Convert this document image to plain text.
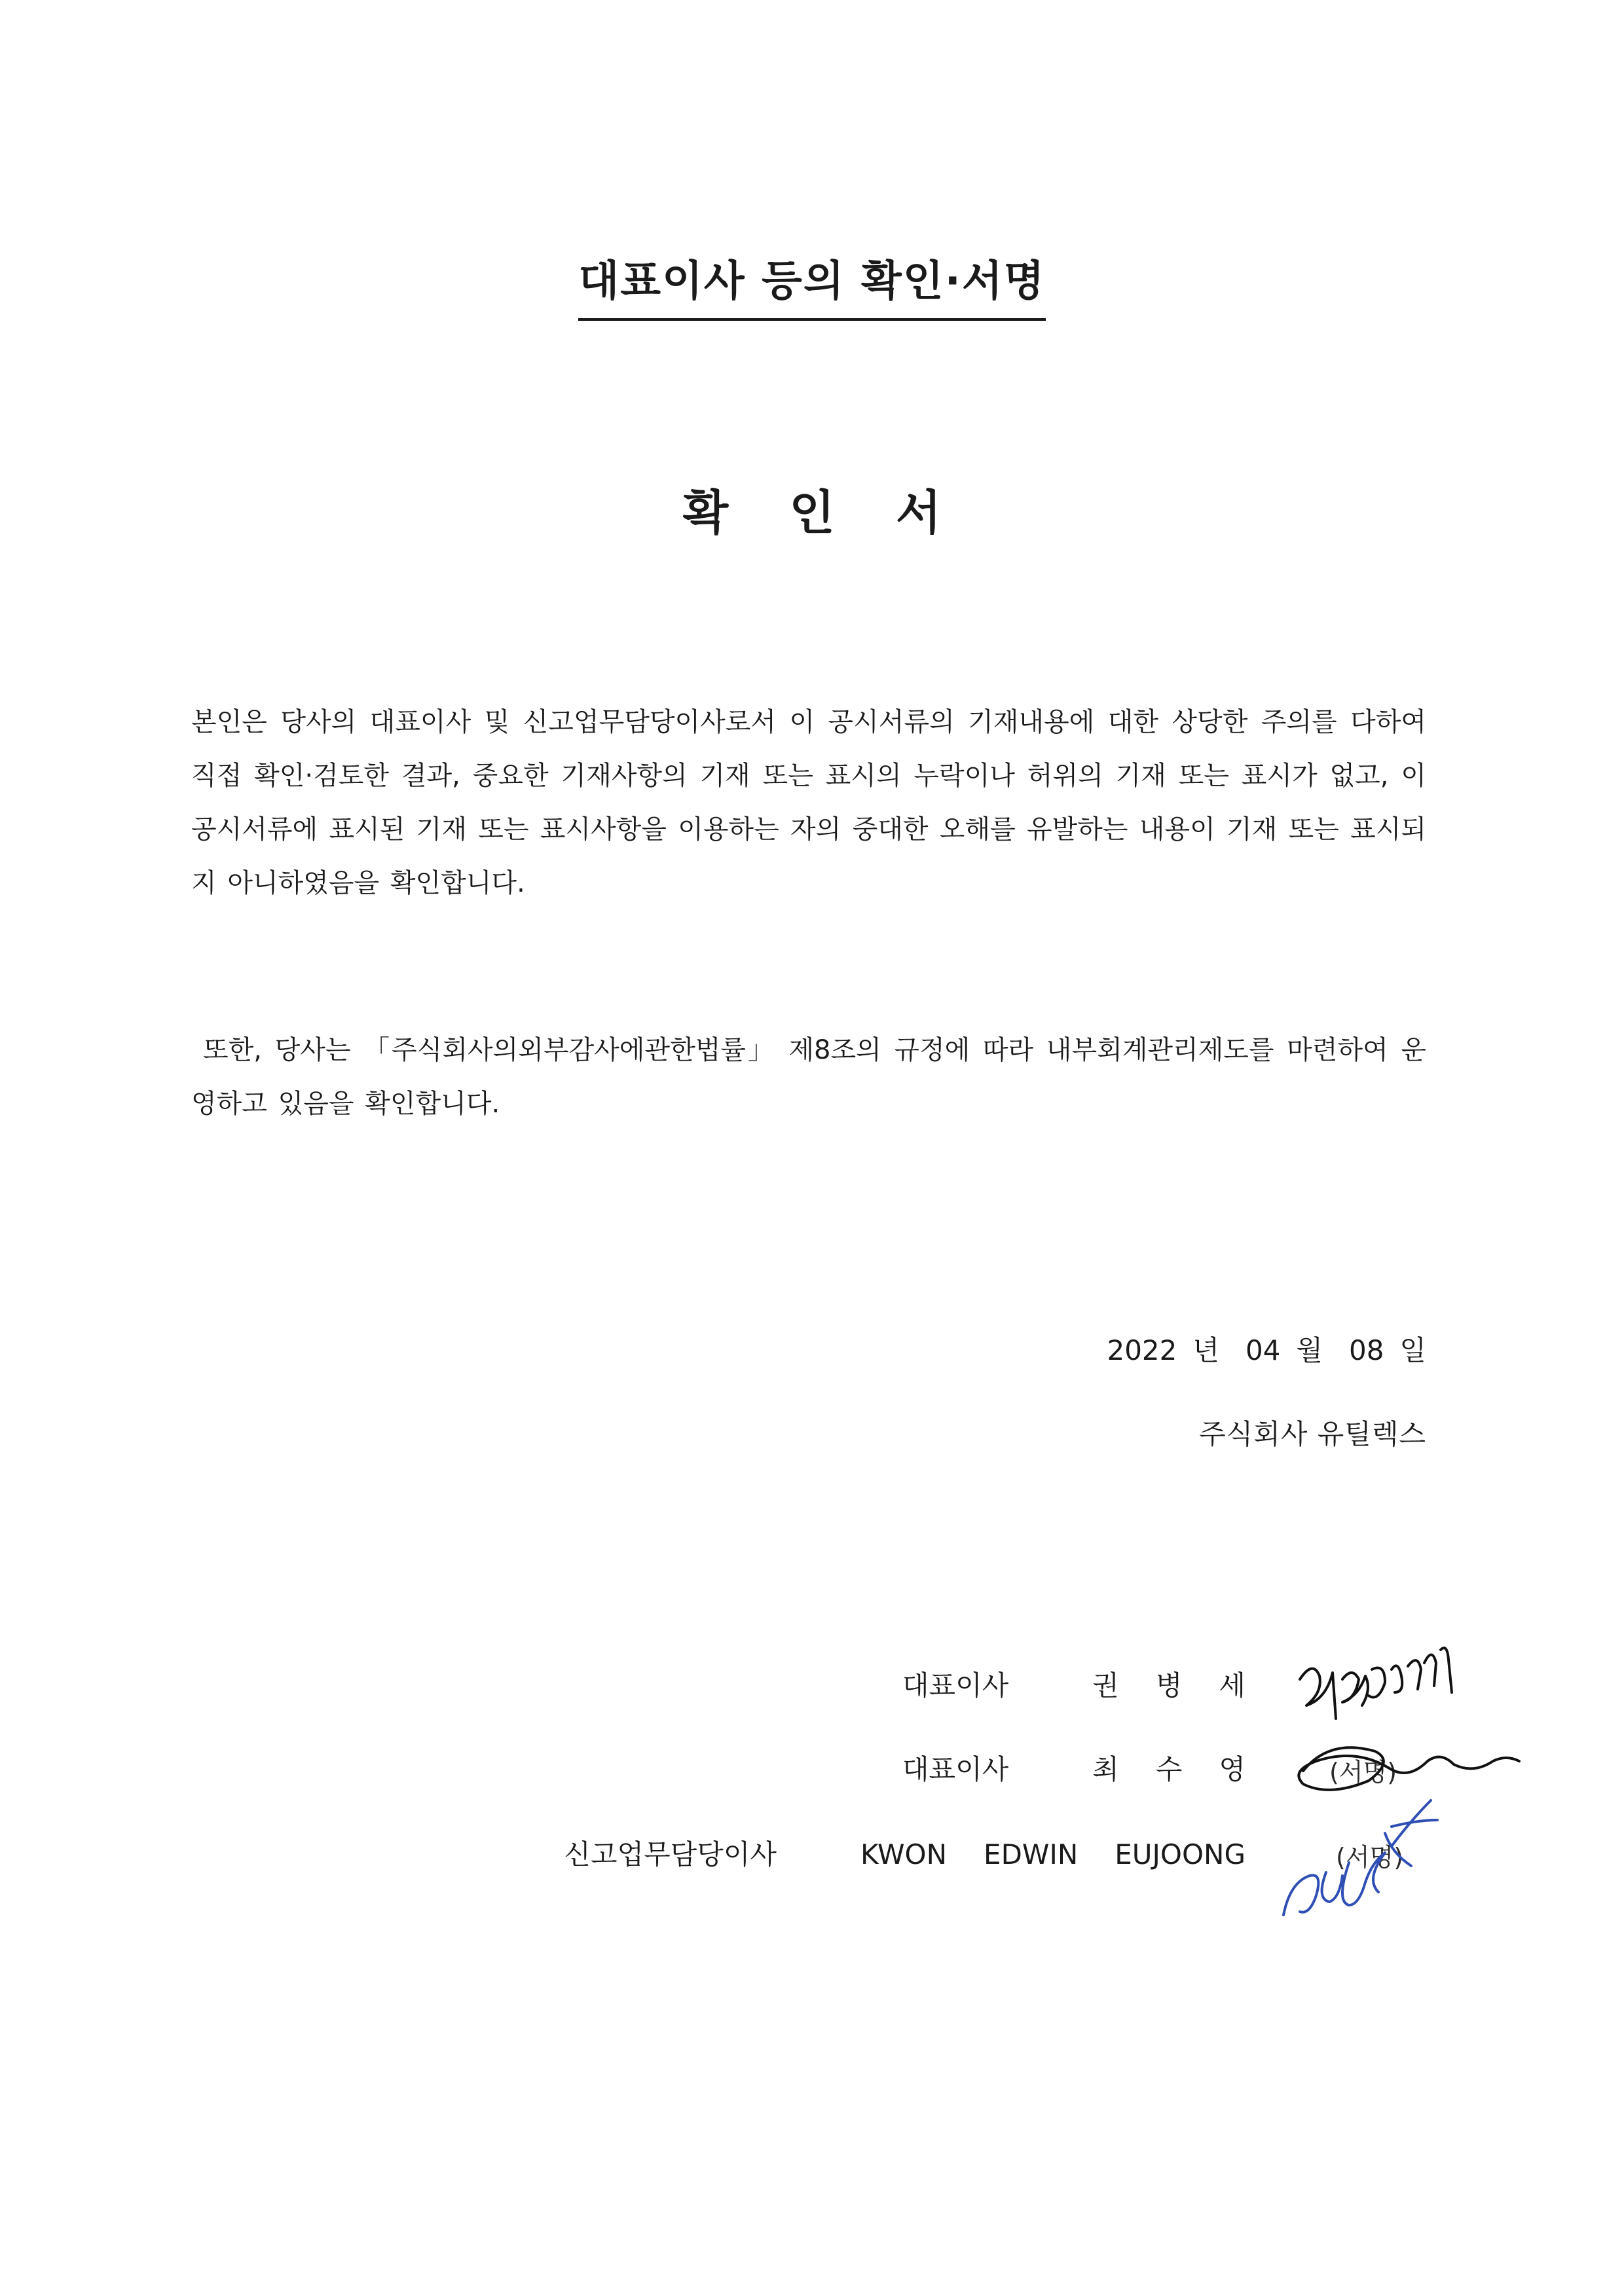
대표이사 등의 확인·서명
확 인 서
본인은 당사의 대표이사 및 신고업무담당이사로서 이 공시서류의 기재내용에 대한 상당한 주의를 다하여 직접 확인·검토한 결과, 중요한 기재사항의 기재 또는 표시의 누락이나 허위의 기재 또는 표시가 없고, 이 공시서류에 표시된 기재 또는 표시사항을 이용하는 자의 중대한 오해를 유발하는 내용이 기재 또는 표시되지 아니하였음을 확인합니다.
또한, 당사는 「주식회사의외부감사에관한법률」 제8조의 규정에 따라 내부회계관리제도를 마련하여 운영하고 있음을 확인합니다.
2022 년 04 월 08 일
주식회사 유틸렉스
대표이사	권 병 세
대표이사	최 수 영	(서명)
신고업무담당이사	KWON EDWIN EUJOONG	(서명)
